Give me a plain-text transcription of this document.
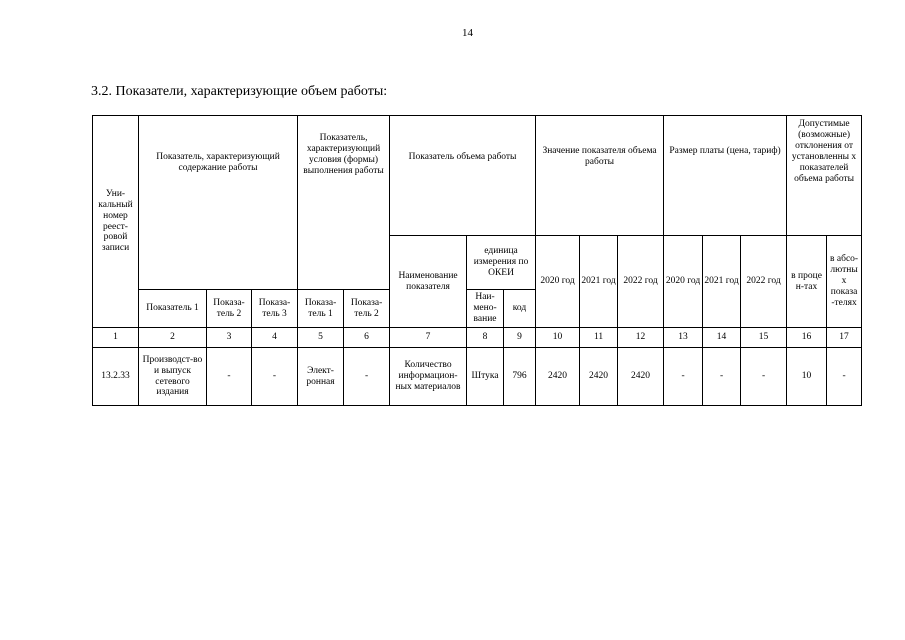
14
3.2. Показатели, характеризующие объем работы:
Уни-кальный номер реест-ровой записи	Показатель, характеризующий содержание работы			Показатель, характеризующий условия (формы) выполнения работы		Показатель объема работы			Значение показателя объема работы			Размер платы (цена, тариф)			Допустимые (возможные) отклонения от установленны х показателей объема работы	
						Наименование показателя	единица измерения по ОКЕИ		2020 год	2021 год	2022 год	2020 год	2021 год	2022 год	в проце н-тах	в абсо-лютны х показа -телях
							Наи-мено-вание	код								
	Показатель 1	Показа-тель 2	Показа-тель 3	Показа-тель 1	Показа-тель 2											
1	2	3	4	5	6	7	8	9	10	11	12	13	14	15	16	17
13.2.33	Производст-во и выпуск сетевого издания	-	-	Элект-ронная	-	Количество информацион-ных материалов	Штука	796	2420	2420	2420	-	-	-	10	-
